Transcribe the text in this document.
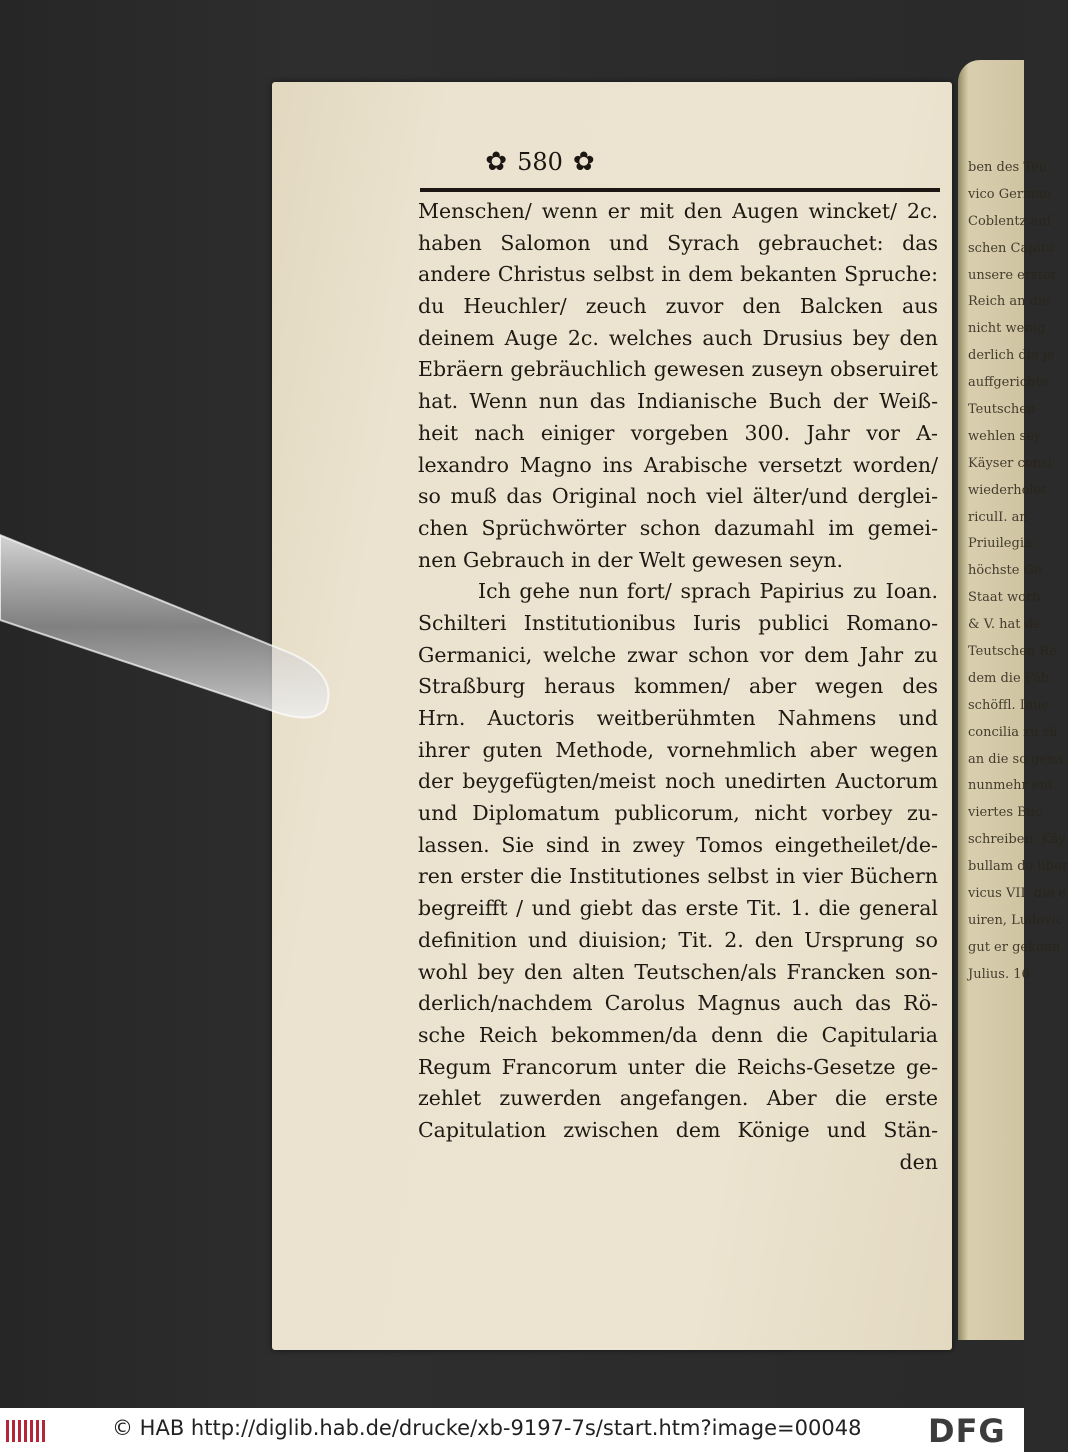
ben des Teu
vico German
Coblentz auf
schen Capitu
unsere erster
Reich an die
nicht wenig
derlich die je
auffgerichte
Teutschen
wehlen sey
Käyser consi
wiederholet
riculI. an
Priuilegia
höchste Ge
Staat worb
& V. hat de
Teutschen Re
dem die Päb
schöffl. Inue
concilia zu sü
an die so gena
nunmehr ent
viertes Buc
schreiben. Käy
bullam de liber
vicus VII. die e
uiren, Ludovic
gut er gekönn
Julius. 16
✿ 580 ✿
Menschen/ wenn er mit den Augen wincket/ 2c.
haben Salomon und Syrach gebrauchet: das
andere Christus selbst in dem bekanten Spruche:
du Heuchler/ zeuch zuvor den Balcken aus
deinem Auge 2c. welches auch Drusius bey den
Ebräern gebräuchlich gewesen zuseyn obseruiret
hat. Wenn nun das Indianische Buch der Weiß-
heit nach einiger vorgeben 300. Jahr vor A-
lexandro Magno ins Arabische versetzt worden/
so muß das Original noch viel älter/und derglei-
chen Sprüchwörter schon dazumahl im gemei-
nen Gebrauch in der Welt gewesen seyn.
Ich gehe nun fort/ sprach Papirius zu Ioan.
Schilteri Institutionibus Iuris publici Romano-
Germanici, welche zwar schon vor dem Jahr zu
Straßburg heraus kommen/ aber wegen des
Hrn. Auctoris weitberühmten Nahmens und
ihrer guten Methode, vornehmlich aber wegen
der beygefügten/meist noch unedirten Auctorum
und Diplomatum publicorum, nicht vorbey zu-
lassen. Sie sind in zwey Tomos eingetheilet/de-
ren erster die Institutiones selbst in vier Büchern
begreifft / und giebt das erste Tit. 1. die general
definition und diuision; Tit. 2. den Ursprung so
wohl bey den alten Teutschen/als Francken son-
derlich/nachdem Carolus Magnus auch das Rö-
sche Reich bekommen/da denn die Capitularia
Regum Francorum unter die Reichs-Gesetze ge-
zehlet zuwerden angefangen. Aber die erste
Capitulation zwischen dem Könige und Stän-
den
© HAB http://diglib.hab.de/drucke/xb-9197-7s/start.htm?image=00048 DFG
